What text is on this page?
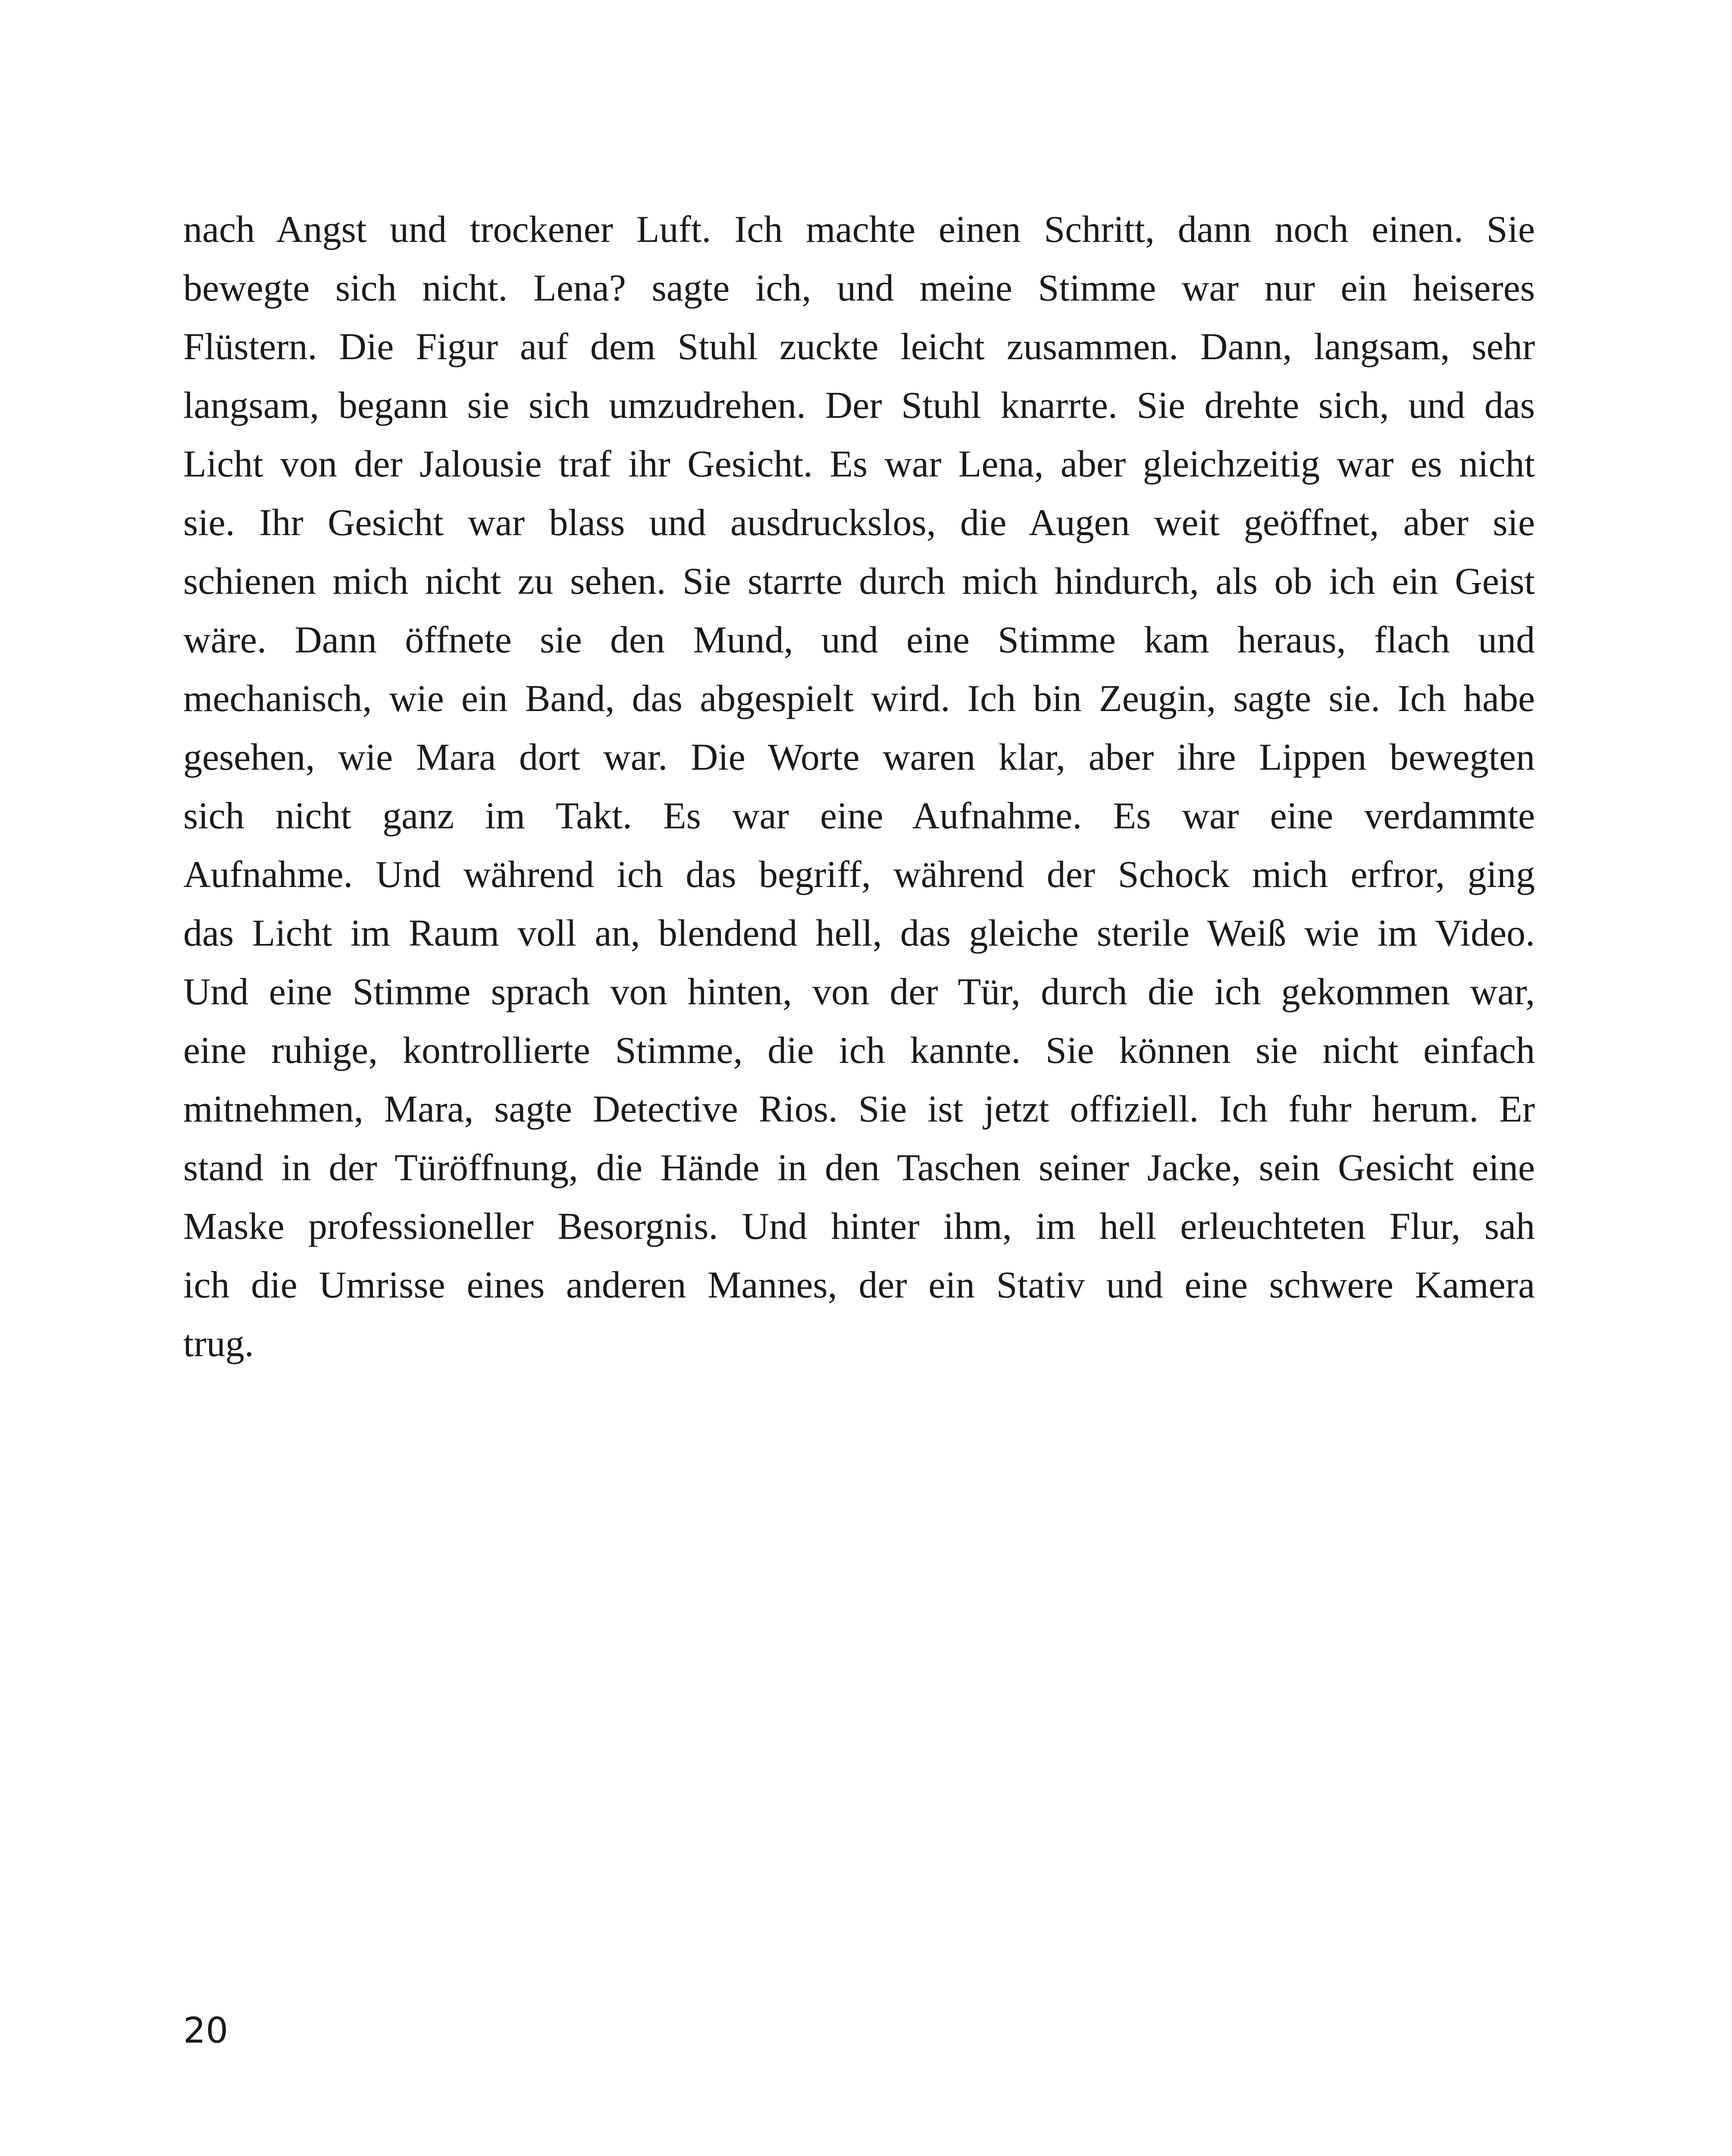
nach Angst und trockener Luft. Ich machte einen Schritt, dann noch einen. Sie
bewegte sich nicht. Lena? sagte ich, und meine Stimme war nur ein heiseres
Flüstern. Die Figur auf dem Stuhl zuckte leicht zusammen. Dann, langsam, sehr
langsam, begann sie sich umzudrehen. Der Stuhl knarrte. Sie drehte sich, und das
Licht von der Jalousie traf ihr Gesicht. Es war Lena, aber gleichzeitig war es nicht
sie. Ihr Gesicht war blass und ausdruckslos, die Augen weit geöffnet, aber sie
schienen mich nicht zu sehen. Sie starrte durch mich hindurch, als ob ich ein Geist
wäre. Dann öffnete sie den Mund, und eine Stimme kam heraus, flach und
mechanisch, wie ein Band, das abgespielt wird. Ich bin Zeugin, sagte sie. Ich habe
gesehen, wie Mara dort war. Die Worte waren klar, aber ihre Lippen bewegten
sich nicht ganz im Takt. Es war eine Aufnahme. Es war eine verdammte
Aufnahme. Und während ich das begriff, während der Schock mich erfror, ging
das Licht im Raum voll an, blendend hell, das gleiche sterile Weiß wie im Video.
Und eine Stimme sprach von hinten, von der Tür, durch die ich gekommen war,
eine ruhige, kontrollierte Stimme, die ich kannte. Sie können sie nicht einfach
mitnehmen, Mara, sagte Detective Rios. Sie ist jetzt offiziell. Ich fuhr herum. Er
stand in der Türöffnung, die Hände in den Taschen seiner Jacke, sein Gesicht eine
Maske professioneller Besorgnis. Und hinter ihm, im hell erleuchteten Flur, sah
ich die Umrisse eines anderen Mannes, der ein Stativ und eine schwere Kamera
trug.

20
